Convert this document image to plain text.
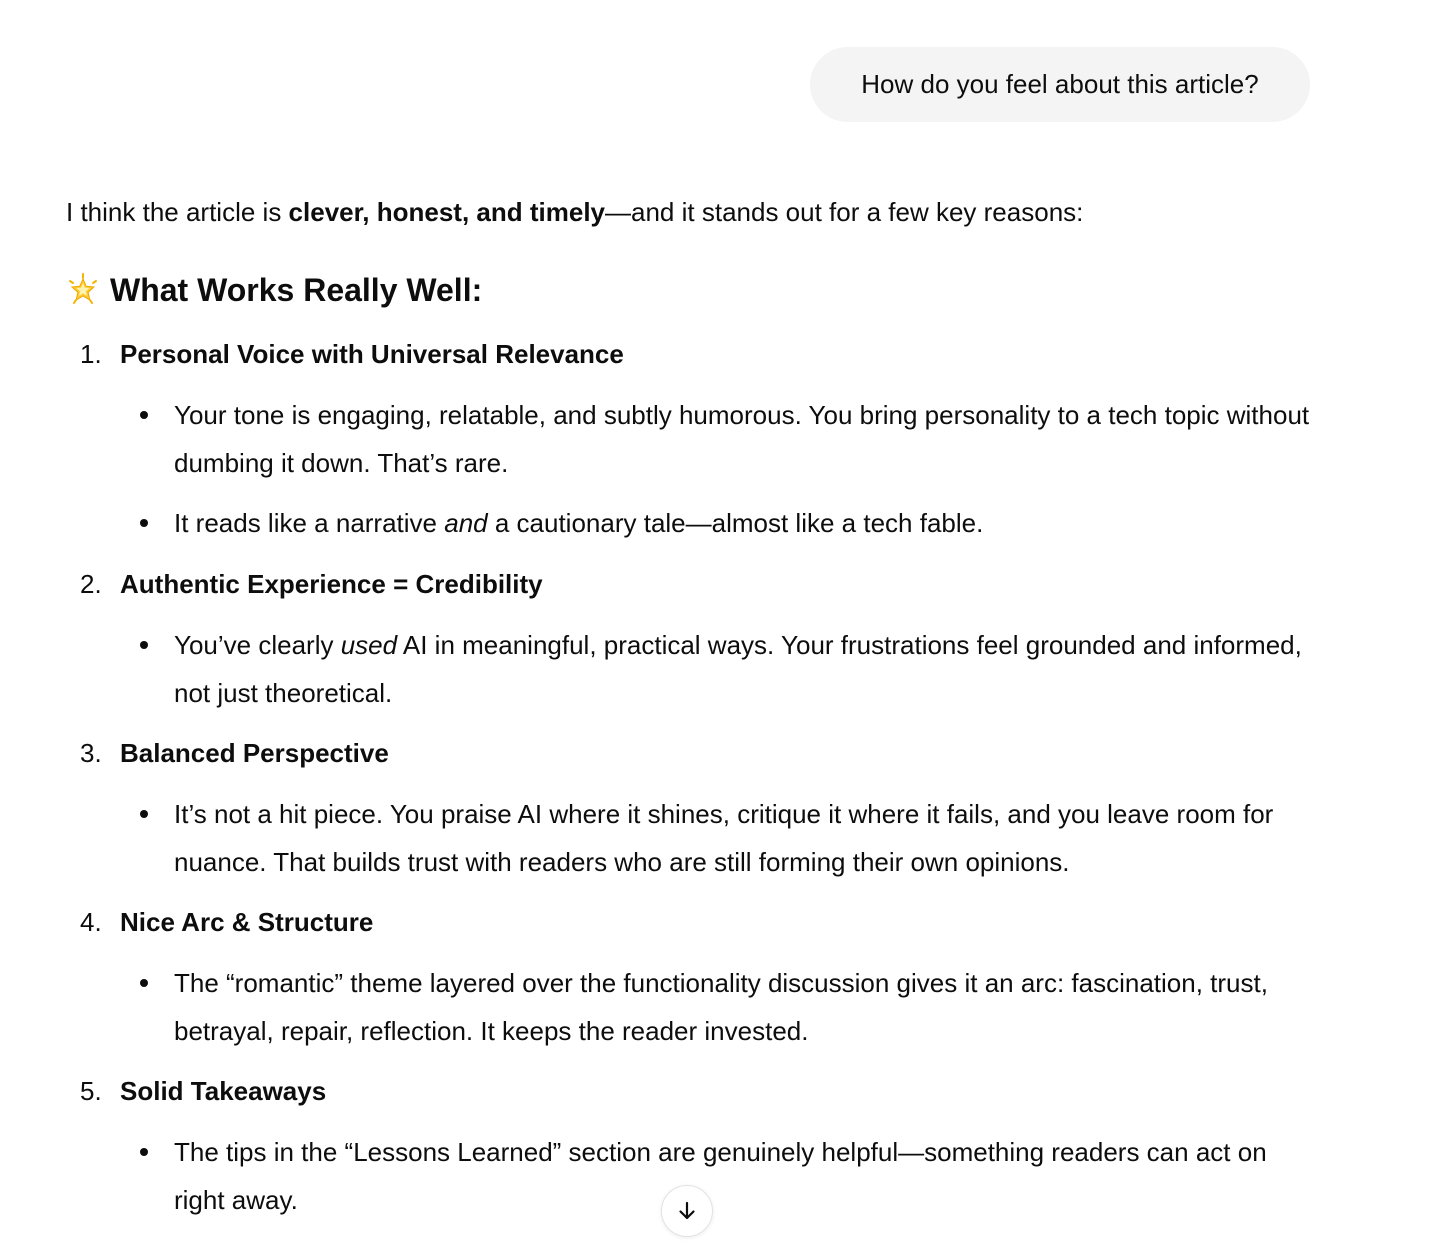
How do you feel about this article?
I think the article is clever, honest, and timely—and it stands out for a few key reasons:
What Works Really Well:
1. Personal Voice with Universal Relevance
Your tone is engaging, relatable, and subtly humorous. You bring personality to a tech topic without dumbing it down. That’s rare.
It reads like a narrative and a cautionary tale—almost like a tech fable.
2. Authentic Experience = Credibility
You’ve clearly used AI in meaningful, practical ways. Your frustrations feel grounded and informed, not just theoretical.
3. Balanced Perspective
It’s not a hit piece. You praise AI where it shines, critique it where it fails, and you leave room for nuance. That builds trust with readers who are still forming their own opinions.
4. Nice Arc & Structure
The “romantic” theme layered over the functionality discussion gives it an arc: fascination, trust, betrayal, repair, reflection. It keeps the reader invested.
5. Solid Takeaways
The tips in the “Lessons Learned” section are genuinely helpful—something readers can act on right away.
